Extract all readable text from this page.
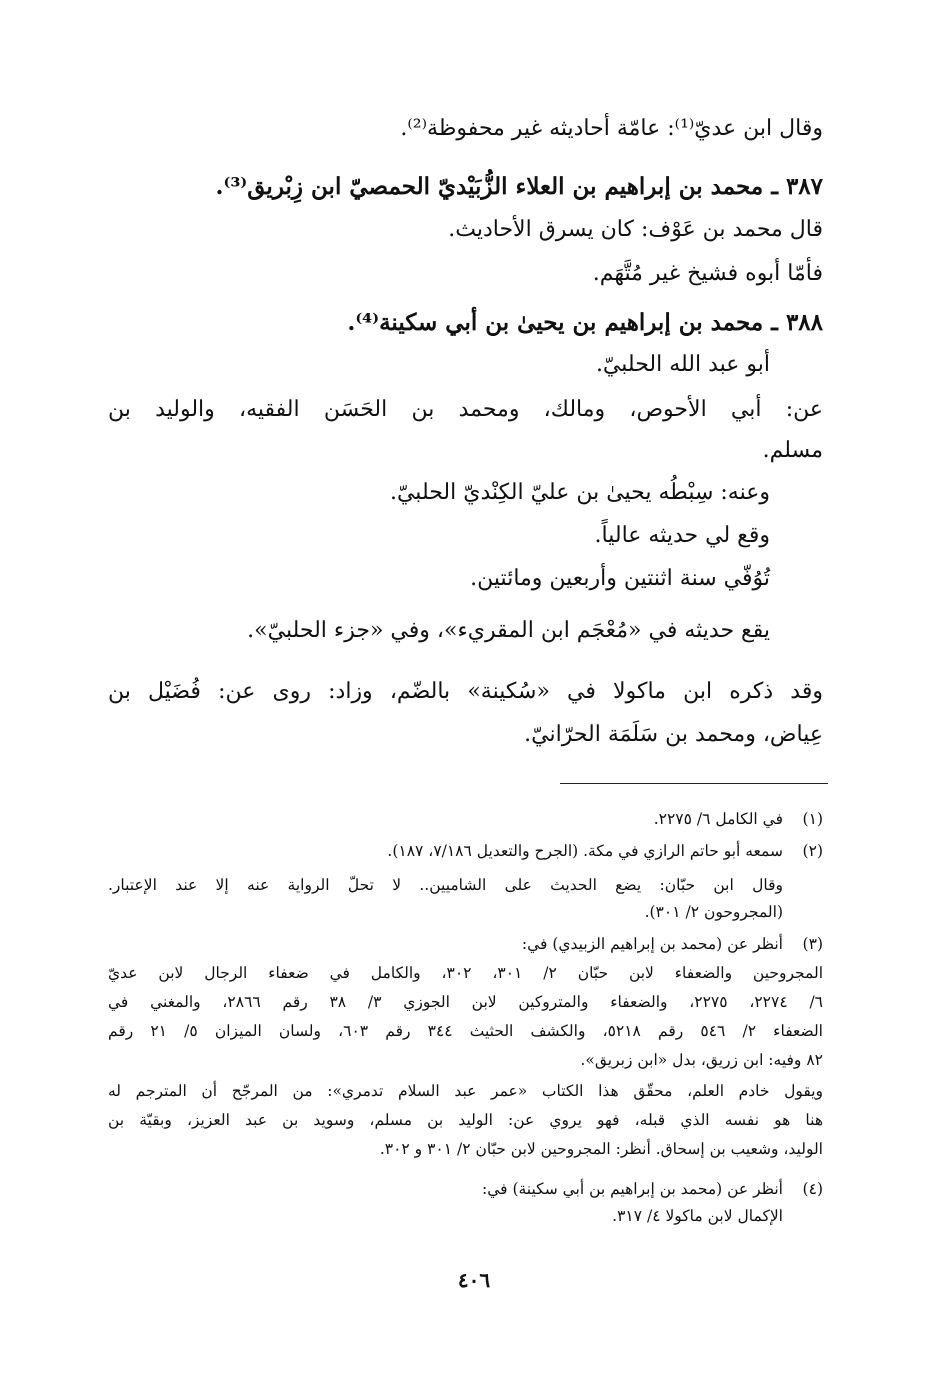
وقال ابن عديّ⁽¹⁾: عامّة أحاديثه غير محفوظة⁽²⁾.
٣٨٧ ـ محمد بن إبراهيم بن العلاء الزُّبَيْديّ الحمصيّ ابن زِبْريق⁽³⁾.
قال محمد بن عَوْف: كان يسرق الأحاديث.
فأمّا أبوه فشيخ غير مُتَّهَم.
٣٨٨ ـ محمد بن إبراهيم بن يحيىٰ بن أبي سكينة⁽⁴⁾.
أبو عبد الله الحلبيّ.
عن: أبي الأحوص، ومالك، ومحمد بن الحَسَن الفقيه، والوليد بن
مسلم.
وعنه: سِبْطُه يحيىٰ بن عليّ الكِنْديّ الحلبيّ.
وقع لي حديثه عالياً.
تُوُفّي سنة اثنتين وأربعين ومائتين.
يقع حديثه في «مُعْجَم ابن المقريء»، وفي «جزء الحلبيّ».
وقد ذكره ابن ماكولا في «سُكينة» بالضّم، وزاد: روى عن: فُضَيْل بن
عِياض، ومحمد بن سَلَمَة الحرّانيّ.
(١)في الكامل ٦/ ٢٢٧٥.
(٢)سمعه أبو حاتم الرازي في مكة. (الجرح والتعديل ٧/١٨٦، ١٨٧).
وقال ابن حبّان: يضع الحديث على الشاميين.. لا تحلّ الرواية عنه إلا عند الإعتبار.
(المجروحون ٢/ ٣٠١).
(٣)أنظر عن (محمد بن إبراهيم الزبيدي) في:
المجروحين والضعفاء لابن حبّان ٢/ ٣٠١، ٣٠٢، والكامل في ضعفاء الرجال لابن عديّ
٦/ ٢٢٧٤، ٢٢٧٥، والضعفاء والمتروكين لابن الجوزي ٣/ ٣٨ رقم ٢٨٦٦، والمغني في
الضعفاء ٢/ ٥٤٦ رقم ٥٢١٨، والكشف الحثيث ٣٤٤ رقم ٦٠٣، ولسان الميزان ٥/ ٢١ رقم
٨٢ وفيه: ابن زريق، بدل «ابن زبريق».
ويقول خادم العلم، محقّق هذا الكتاب «عمر عبد السلام تدمري»: من المرجّح أن المترجم له
هنا هو نفسه الذي قبله، فهو يروي عن: الوليد بن مسلم، وسويد بن عبد العزيز، وبقيّة بن
الوليد، وشعيب بن إسحاق. أنظر: المجروحين لابن حبّان ٢/ ٣٠١ و ٣٠٢.
(٤)أنظر عن (محمد بن إبراهيم بن أبي سكينة) في:
الإكمال لابن ماكولا ٤/ ٣١٧.
٤٠٦
